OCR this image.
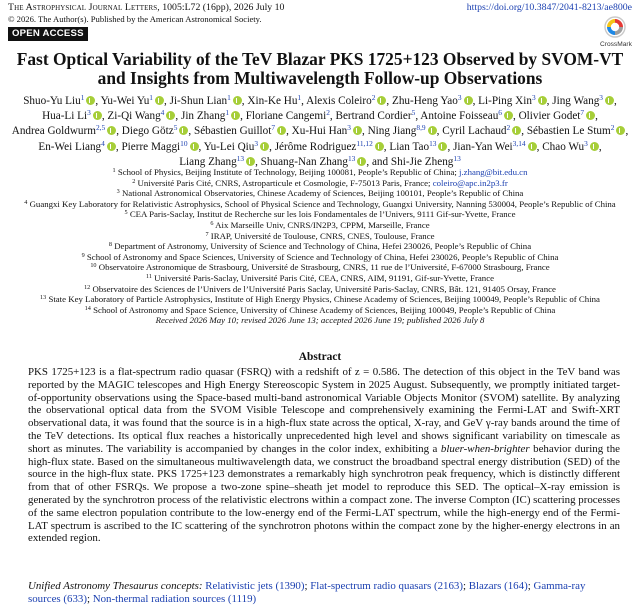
The Astrophysical Journal Letters, 1005:L72 (16pp), 2026 July 10	https://doi.org/10.3847/2041-8213/ae800e
© 2026. The Author(s). Published by the American Astronomical Society.
OPEN ACCESS
CrossMark
Fast Optical Variability of the TeV Blazar PKS 1725+123 Observed by SVOM-VT and Insights from Multiwavelength Follow-up Observations
Shuo-Yu Liu$^1$ , Yu-Wei Yu$^1$ , Ji-Shun Lian$^1$ , Xin-Ke Hu$^1$, Alexis Coleiro$^2$ , Zhu-Heng Yao$^3$ , Li-Ping Xin$^3$ , Jing Wang$^3$ , Hua-Li Li$^3$ , Zi-Qi Wang$^4$ , Jin Zhang$^1$ , Floriane Cangemi$^2$, Bertrand Cordier$^5$, Antoine Foisseau$^6$ , Olivier Godet$^7$ , Andrea Goldwurm$^{2,5}$ , Diego Götz$^5$ , Sébastien Guillot$^7$ , Xu-Hui Han$^3$ , Ning Jiang$^{8,9}$ , Cyril Lachaud$^2$ , Sébastien Le Stum$^2$ , En-Wei Liang$^4$ , Pierre Maggi$^{10}$ , Yu-Lei Qiu$^3$ , Jérôme Rodriguez$^{11,12}$ , Lian Tao$^{13}$ , Jian-Yan Wei$^{3,14}$ , Chao Wu$^3$ , Liang Zhang$^{13}$ , Shuang-Nan Zhang$^{13}$ , and Shi-Jie Zheng$^{13}$
$^1$ School of Physics, Beijing Institute of Technology, Beijing 100081, People’s Republic of China; j.zhang@bit.edu.cn
$^2$ Université Paris Cité, CNRS, Astroparticule et Cosmologie, F-75013 Paris, France; coleiro@apc.in2p3.fr
$^3$ National Astronomical Observatories, Chinese Academy of Sciences, Beijing 100101, People’s Republic of China
$^4$ Guangxi Key Laboratory for Relativistic Astrophysics, School of Physical Science and Technology, Guangxi University, Nanning 530004, People’s Republic of China
$^5$ CEA Paris-Saclay, Institut de Recherche sur les lois Fondamentales de l’Univers, 9111 Gif-sur-Yvette, France
$^6$ Aix Marseille Univ, CNRS/IN2P3, CPPM, Marseille, France
$^7$ IRAP, Université de Toulouse, CNRS, CNES, Toulouse, France
$^8$ Department of Astronomy, University of Science and Technology of China, Hefei 230026, People’s Republic of China
$^9$ School of Astronomy and Space Sciences, University of Science and Technology of China, Hefei 230026, People’s Republic of China
$^{10}$ Observatoire Astronomique de Strasbourg, Université de Strasbourg, CNRS, 11 rue de l’Université, F-67000 Strasbourg, France
$^{11}$ Université Paris-Saclay, Université Paris Cité, CEA, CNRS, AIM, 91191, Gif-sur-Yvette, France
$^{12}$ Observatoire des Sciences de l’Univers de l’Université Paris Saclay, Université Paris-Saclay, CNRS, Bât. 121, 91405 Orsay, France
$^{13}$ State Key Laboratory of Particle Astrophysics, Institute of High Energy Physics, Chinese Academy of Sciences, Beijing 100049, People’s Republic of China
$^{14}$ School of Astronomy and Space Science, University of Chinese Academy of Sciences, Beijing 100049, People’s Republic of China
Received 2026 May 10; revised 2026 June 13; accepted 2026 June 19; published 2026 July 8
Abstract

PKS 1725+123 is a flat-spectrum radio quasar (FSRQ) with a redshift of z = 0.586. The detection of this object in the TeV band was reported by the MAGIC telescopes and High Energy Stereoscopic System in 2025 August. Subsequently, we promptly initiated target-of-opportunity observations using the Space-based multi-band astronomical Variable Objects Monitor (SVOM) satellite. By analyzing the observational optical data from the SVOM Visible Telescope and comprehensively examining the Fermi-LAT and Swift-XRT observational data, it was found that the source is in a high-flux state across the optical, X-ray, and GeV γ-ray bands around the time of the TeV detections. Its optical flux reaches a historically unprecedented high level and shows significant variability on timescale as short as minutes. The variability is accompanied by changes in the color index, exhibiting a bluer-when-brighter behavior during the high-flux state. Based on the simultaneous multiwavelength data, we construct the broadband spectral energy distribution (SED) of the source in the high-flux state. PKS 1725+123 demonstrates a remarkably high synchrotron peak frequency, which is distinctly different from that of other FSRQs. We propose a two-zone spine–sheath jet model to reproduce this SED. The optical–X-ray emission is generated by the synchrotron process of the relativistic electrons within a compact zone. The inverse Compton (IC) scattering processes of the same electron population contribute to the low-energy end of the Fermi-LAT spectrum, while the high-energy end of the Fermi-LAT spectrum is ascribed to the IC scattering of the synchrotron photons within the compact zone by the higher-energy electrons in an extended region.

Unified Astronomy Thesaurus concepts: Relativistic jets (1390); Flat-spectrum radio quasars (2163); Blazars (164); Gamma-ray sources (633); Non-thermal radiation sources (1119)
